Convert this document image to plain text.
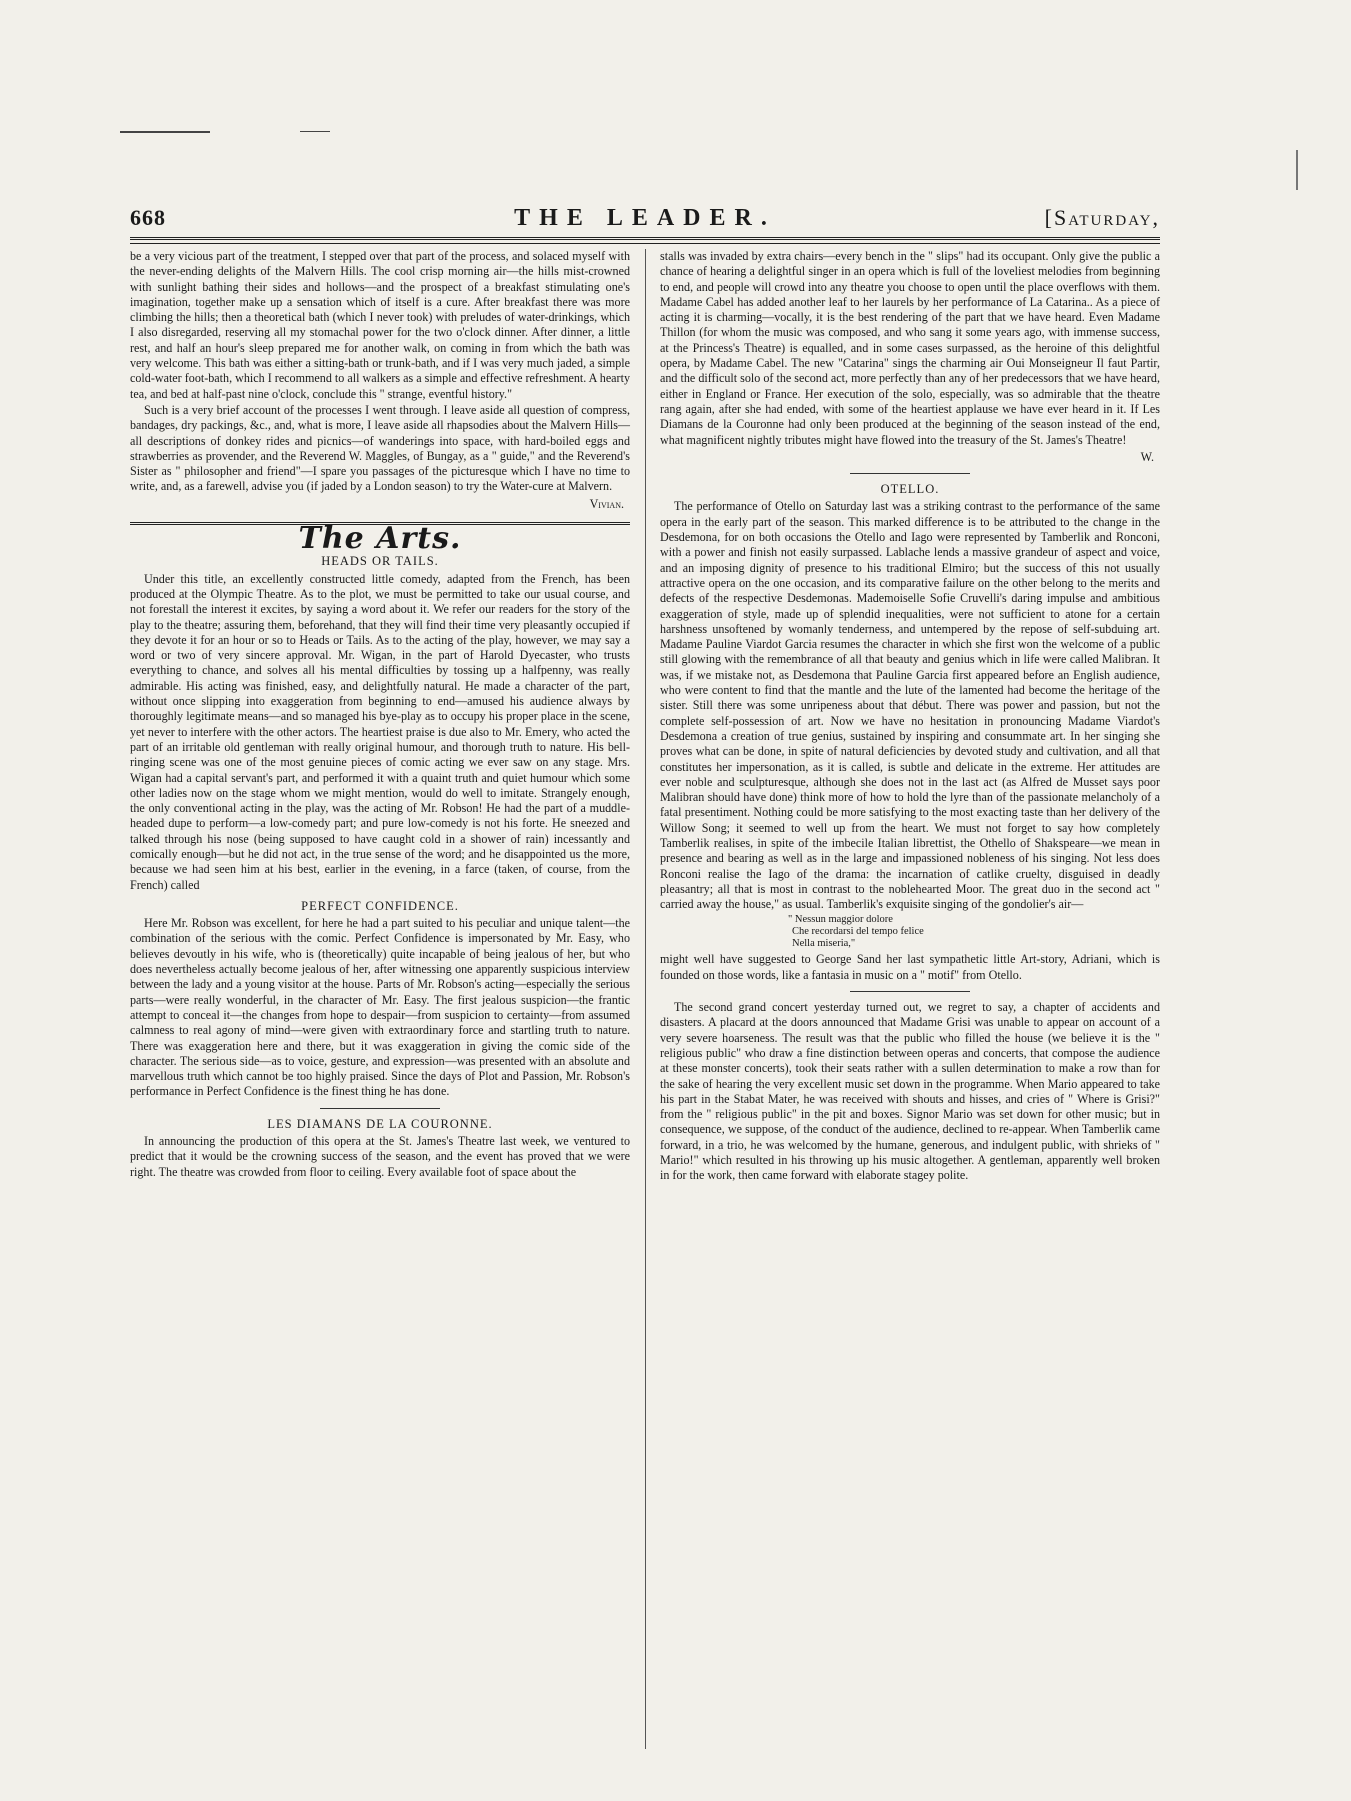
668	THE LEADER.	[Saturday,

be a very vicious part of the treatment, I stepped over that part of the process, and solaced myself with the never-ending delights of the Malvern Hills. The cool crisp morning air—the hills mist-crowned with sunlight bathing their sides and hollows—and the prospect of a breakfast stimulating one's imagination, together make up a sensation which of itself is a cure. After breakfast there was more climbing the hills; then a theoretical bath (which I never took) with preludes of water-drinkings, which I also disregarded, reserving all my stomachal power for the two o'clock dinner. After dinner, a little rest, and half an hour's sleep prepared me for another walk, on coming in from which the bath was very welcome. This bath was either a sitting-bath or trunk-bath, and if I was very much jaded, a simple cold-water foot-bath, which I recommend to all walkers as a simple and effective refreshment. A hearty tea, and bed at half-past nine o'clock, conclude this " strange, eventful history."

Such is a very brief account of the processes I went through. I leave aside all question of compress, bandages, dry packings, &c., and, what is more, I leave aside all rhapsodies about the Malvern Hills—all descriptions of donkey rides and picnics—of wanderings into space, with hard-boiled eggs and strawberries as provender, and the Reverend W. Maggles, of Bungay, as a " guide," and the Reverend's Sister as " philosopher and friend"—I spare you passages of the picturesque which I have no time to write, and, as a farewell, advise you (if jaded by a London season) to try the Water-cure at Malvern.

Vivian.
The Arts.
HEADS OR TAILS.

Under this title, an excellently constructed little comedy, adapted from the French, has been produced at the Olympic Theatre. As to the plot, we must be permitted to take our usual course, and not forestall the interest it excites, by saying a word about it. We refer our readers for the story of the play to the theatre; assuring them, beforehand, that they will find their time very pleasantly occupied if they devote it for an hour or so to Heads or Tails. As to the acting of the play, however, we may say a word or two of very sincere approval. Mr. Wigan, in the part of Harold Dyecaster, who trusts everything to chance, and solves all his mental difficulties by tossing up a halfpenny, was really admirable. His acting was finished, easy, and delightfully natural. He made a character of the part, without once slipping into exaggeration from beginning to end—amused his audience always by thoroughly legitimate means—and so managed his bye-play as to occupy his proper place in the scene, yet never to interfere with the other actors. The heartiest praise is due also to Mr. Emery, who acted the part of an irritable old gentleman with really original humour, and thorough truth to nature. His bell-ringing scene was one of the most genuine pieces of comic acting we ever saw on any stage. Mrs. Wigan had a capital servant's part, and performed it with a quaint truth and quiet humour which some other ladies now on the stage whom we might mention, would do well to imitate. Strangely enough, the only conventional acting in the play, was the acting of Mr. Robson! He had the part of a muddle-headed dupe to perform—a low-comedy part; and pure low-comedy is not his forte. He sneezed and talked through his nose (being supposed to have caught cold in a shower of rain) incessantly and comically enough—but he did not act, in the true sense of the word; and he disappointed us the more, because we had seen him at his best, earlier in the evening, in a farce (taken, of course, from the French) called

PERFECT CONFIDENCE.

Here Mr. Robson was excellent, for here he had a part suited to his peculiar and unique talent—the combination of the serious with the comic. Perfect Confidence is impersonated by Mr. Easy, who believes devoutly in his wife, who is (theoretically) quite incapable of being jealous of her, but who does nevertheless actually become jealous of her, after witnessing one apparently suspicious interview between the lady and a young visitor at the house. Parts of Mr. Robson's acting—especially the serious parts—were really wonderful, in the character of Mr. Easy. The first jealous suspicion—the frantic attempt to conceal it—the changes from hope to despair—from suspicion to certainty—from assumed calmness to real agony of mind—were given with extraordinary force and startling truth to nature. There was exaggeration here and there, but it was exaggeration in giving the comic side of the character. The serious side—as to voice, gesture, and expression—was presented with an absolute and marvellous truth which cannot be too highly praised. Since the days of Plot and Passion, Mr. Robson's performance in Perfect Confidence is the finest thing he has done.

LES DIAMANS DE LA COURONNE.

In announcing the production of this opera at the St. James's Theatre last week, we ventured to predict that it would be the crowning success of the season, and the event has proved that we were right. The theatre was crowded from floor to ceiling. Every available foot of space about the

stalls was invaded by extra chairs—every bench in the " slips" had its occupant. Only give the public a chance of hearing a delightful singer in an opera which is full of the loveliest melodies from beginning to end, and people will crowd into any theatre you choose to open until the place overflows with them. Madame Cabel has added another leaf to her laurels by her performance of La Catarina.. As a piece of acting it is charming—vocally, it is the best rendering of the part that we have heard. Even Madame Thillon (for whom the music was composed, and who sang it some years ago, with immense success, at the Princess's Theatre) is equalled, and in some cases surpassed, as the heroine of this delightful opera, by Madame Cabel. The new "Catarina" sings the charming air Oui Monseigneur Il faut Partir, and the difficult solo of the second act, more perfectly than any of her predecessors that we have heard, either in England or France. Her execution of the solo, especially, was so admirable that the theatre rang again, after she had ended, with some of the heartiest applause we have ever heard in it. If Les Diamans de la Couronne had only been produced at the beginning of the season instead of the end, what magnificent nightly tributes might have flowed into the treasury of the St. James's Theatre!

W.
OTELLO.

The performance of Otello on Saturday last was a striking contrast to the performance of the same opera in the early part of the season. This marked difference is to be attributed to the change in the Desdemona, for on both occasions the Otello and Iago were represented by Tamberlik and Ronconi, with a power and finish not easily surpassed. Lablache lends a massive grandeur of aspect and voice, and an imposing dignity of presence to his traditional Elmiro; but the success of this not usually attractive opera on the one occasion, and its comparative failure on the other belong to the merits and defects of the respective Desdemonas. Mademoiselle Sofie Cruvelli's daring impulse and ambitious exaggeration of style, made up of splendid inequalities, were not sufficient to atone for a certain harshness unsoftened by womanly tenderness, and untempered by the repose of self-subduing art. Madame Pauline Viardot Garcia resumes the character in which she first won the welcome of a public still glowing with the remembrance of all that beauty and genius which in life were called Malibran. It was, if we mistake not, as Desdemona that Pauline Garcia first appeared before an English audience, who were content to find that the mantle and the lute of the lamented had become the heritage of the sister. Still there was some unripeness about that début. There was power and passion, but not the complete self-possession of art. Now we have no hesitation in pronouncing Madame Viardot's Desdemona a creation of true genius, sustained by inspiring and consummate art. In her singing she proves what can be done, in spite of natural deficiencies by devoted study and cultivation, and all that constitutes her impersonation, as it is called, is subtle and delicate in the extreme. Her attitudes are ever noble and sculpturesque, although she does not in the last act (as Alfred de Musset says poor Malibran should have done) think more of how to hold the lyre than of the passionate melancholy of a fatal presentiment. Nothing could be more satisfying to the most exacting taste than her delivery of the Willow Song; it seemed to well up from the heart. We must not forget to say how completely Tamberlik realises, in spite of the imbecile Italian librettist, the Othello of Shakspeare—we mean in presence and bearing as well as in the large and impassioned nobleness of his singing. Not less does Ronconi realise the Iago of the drama: the incarnation of catlike cruelty, disguised in deadly pleasantry; all that is most in contrast to the noblehearted Moor. The great duo in the second act " carried away the house," as usual. Tamberlik's exquisite singing of the gondolier's air—

" Nessun maggior dolore
Che recordarsi del tempo felice
Nella miseria,"

might well have suggested to George Sand her last sympathetic little Art-story, Adriani, which is founded on those words, like a fantasia in music on a " motif" from Otello.

The second grand concert yesterday turned out, we regret to say, a chapter of accidents and disasters. A placard at the doors announced that Madame Grisi was unable to appear on account of a very severe hoarseness. The result was that the public who filled the house (we believe it is the " religious public" who draw a fine distinction between operas and concerts, that compose the audience at these monster concerts), took their seats rather with a sullen determination to make a row than for the sake of hearing the very excellent music set down in the programme. When Mario appeared to take his part in the Stabat Mater, he was received with shouts and hisses, and cries of " Where is Grisi?" from the " religious public" in the pit and boxes. Signor Mario was set down for other music; but in consequence, we suppose, of the conduct of the audience, declined to re-appear. When Tamberlik came forward, in a trio, he was welcomed by the humane, generous, and indulgent public, with shrieks of " Mario!" which resulted in his throwing up his music altogether. A gentleman, apparently well broken in for the work, then came forward with elaborate stagey polite.
